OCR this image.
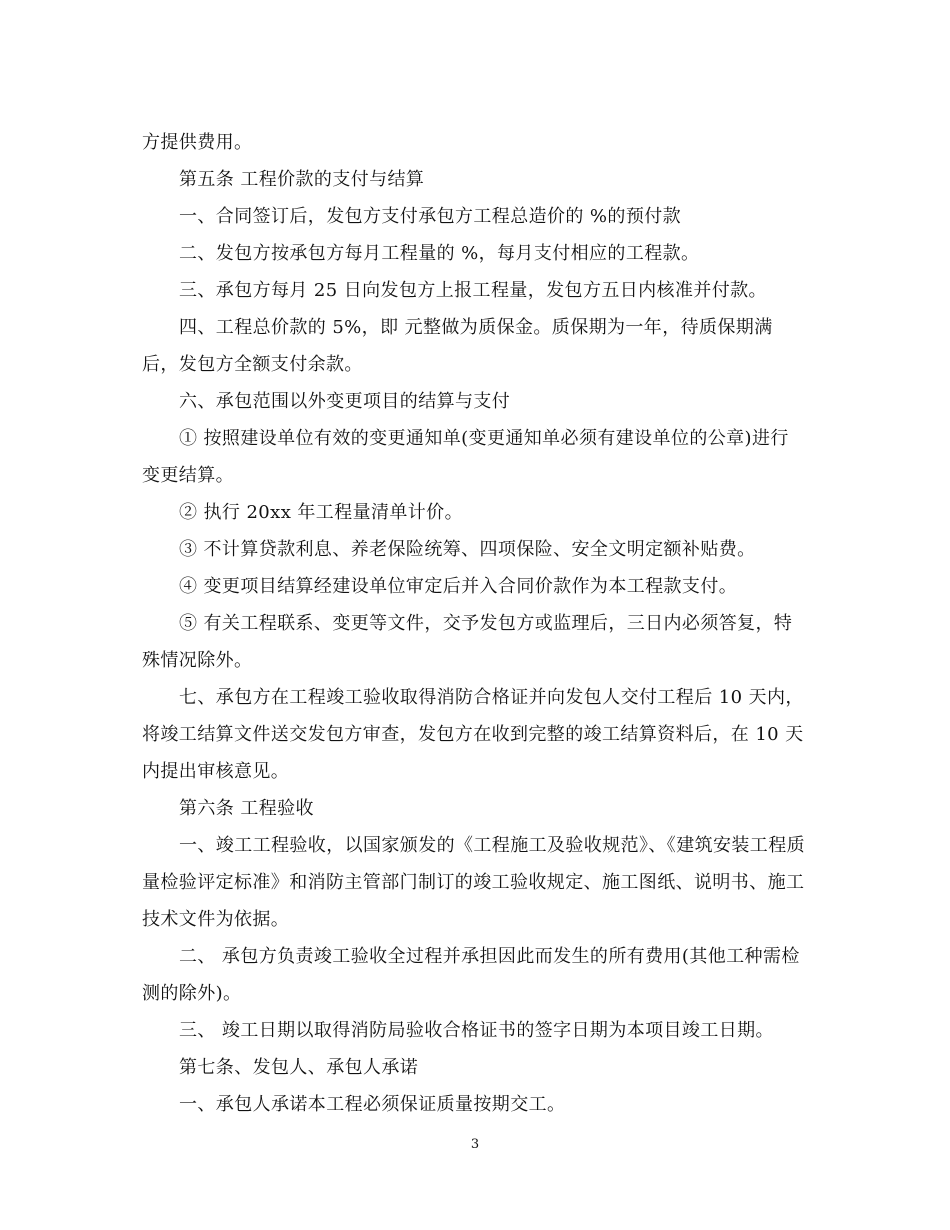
方提供费用。

第五条 工程价款的支付与结算

一、合同签订后，发包方支付承包方工程总造价的 %的预付款

二、发包方按承包方每月工程量的 %，每月支付相应的工程款。

三、承包方每月 25 日向发包方上报工程量，发包方五日内核准并付款。

四、工程总价款的 5%，即 元整做为质保金。质保期为一年，待质保期满后，发包方全额支付余款。

六、承包范围以外变更项目的结算与支付

① 按照建设单位有效的变更通知单(变更通知单必须有建设单位的公章)进行变更结算。

② 执行 20xx 年工程量清单计价。

③ 不计算贷款利息、养老保险统筹、四项保险、安全文明定额补贴费。

④ 变更项目结算经建设单位审定后并入合同价款作为本工程款支付。

⑤ 有关工程联系、变更等文件，交予发包方或监理后，三日内必须答复，特殊情况除外。

七、承包方在工程竣工验收取得消防合格证并向发包人交付工程后 10 天内，将竣工结算文件送交发包方审查，发包方在收到完整的竣工结算资料后，在 10 天内提出审核意见。

第六条 工程验收

一、竣工工程验收，以国家颁发的《工程施工及验收规范》、《建筑安装工程质量检验评定标准》和消防主管部门制订的竣工验收规定、施工图纸、说明书、施工技术文件为依据。

二、 承包方负责竣工验收全过程并承担因此而发生的所有费用(其他工种需检测的除外)。

三、 竣工日期以取得消防局验收合格证书的签字日期为本项目竣工日期。

第七条、发包人、承包人承诺

一、承包人承诺本工程必须保证质量按期交工。

3
